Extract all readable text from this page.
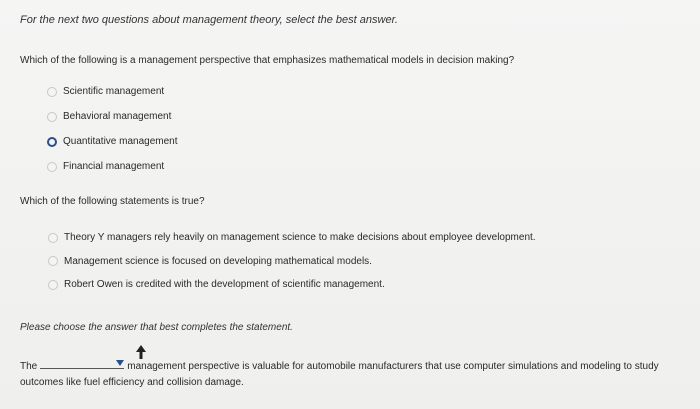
For the next two questions about management theory, select the best answer.

Which of the following is a management perspective that emphasizes mathematical models in decision making?

Scientific management
Behavioral management
Quantitative management
Financial management

Which of the following statements is true?

Theory Y managers rely heavily on management science to make decisions about employee development.
Management science is focused on developing mathematical models.
Robert Owen is credited with the development of scientific management.

Please choose the answer that best completes the statement.

The	management perspective is valuable for automobile manufacturers that use computer simulations and modeling to study outcomes like fuel efficiency and collision damage.
